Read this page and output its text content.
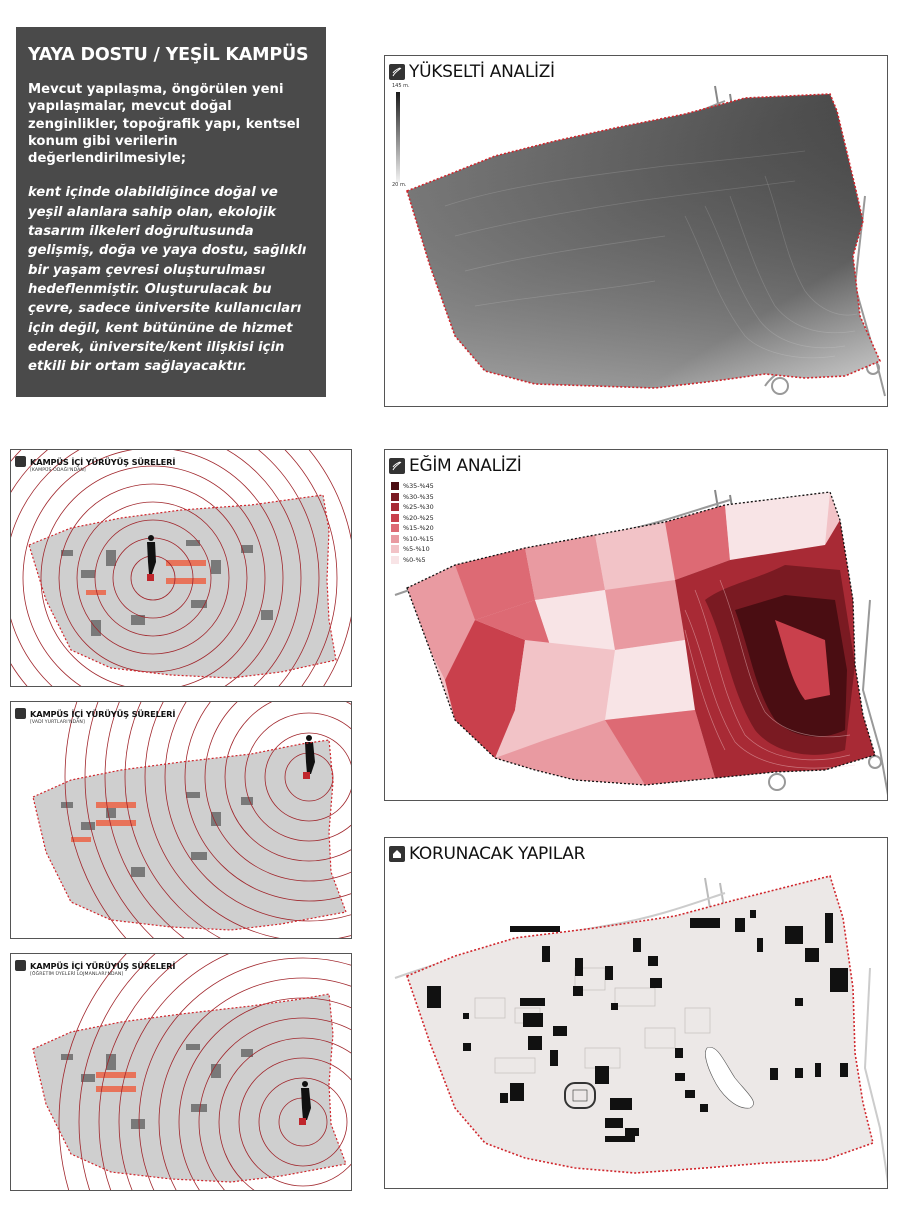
YAYA DOSTU / YEŞİL KAMPÜS

Mevcut yapılaşma, öngörülen yeni yapılaşmalar, mevcut doğal zenginlikler, topoğrafik yapı, kentsel konum gibi verilerin değerlendirilmesiyle;

kent içinde olabildiğince doğal ve yeşil alanlara sahip olan, ekolojik tasarım ilkeleri doğrultusunda gelişmiş, doğa ve yaya dostu, sağlıklı bir yaşam çevresi oluşturulması hedeflenmiştir. Oluşturulacak bu çevre, sadece üniversite kullanıcıları için değil, kent bütününe de hizmet ederek, üniversite/kent ilişkisi için etkili bir ortam sağlayacaktır.

YÜKSELTİ ANALİZİ
145 m.
20 m.
EĞİM ANALİZİ
%35-%45
%30-%35
%25-%30
%20-%25
%15-%20
%10-%15
%5-%10
%0-%5
KORUNACAK YAPILAR
KAMPÜS İÇİ YÜRÜYÜŞ SÜRELERİ
[KAMPÜS ODAĞI'NDAN]
KAMPÜS İÇİ YÜRÜYÜŞ SÜRELERİ
[VADİ YURTLARI'NDAN]
KAMPÜS İÇİ YÜRÜYÜŞ SÜRELERİ
[ÖĞRETİM ÜYELERİ LOJMANLARI'NDAN]
